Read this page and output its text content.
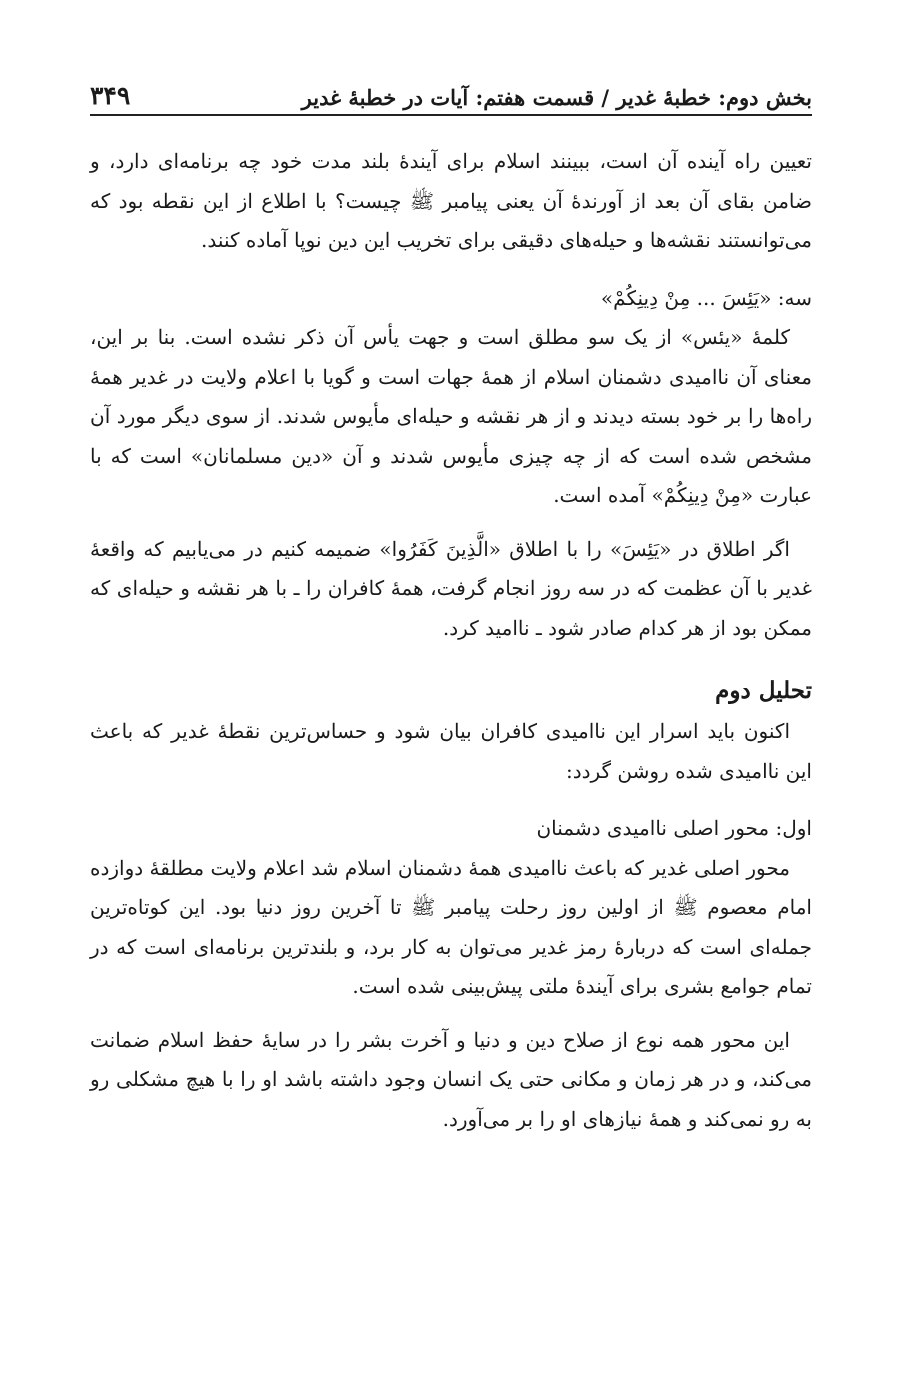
بخش دوم: خطبۀ غدیر / قسمت هفتم: آیات در خطبۀ غدیر
۳۴۹

تعیین راه آینده آن است، ببینند اسلام برای آیندۀ بلند مدت خود چه برنامه‌ای دارد، و ضامن بقای آن بعد از آورندۀ آن یعنی پیامبر ﷺ چیست؟ با اطلاع از این نقطه بود که می‌توانستند نقشه‌ها و حیله‌های دقیقی برای تخریب این دین نوپا آماده کنند.

سه: «یَئِسَ ... مِنْ دِینِكُمْ»

کلمۀ «یئس» از یک سو مطلق است و جهت یأس آن ذکر نشده است. بنا بر این، معنای آن ناامیدی دشمنان اسلام از همۀ جهات است و گویا با اعلام ولایت در غدیر همۀ راه‌ها را بر خود بسته دیدند و از هر نقشه و حیله‌ای مأیوس شدند. از سوی دیگر مورد آن مشخص شده است که از چه چیزی مأیوس شدند و آن «دین مسلمانان» است که با عبارت «مِنْ دِینِكُمْ» آمده است.

اگر اطلاق در «یَئِسَ» را با اطلاق «الَّذِینَ كَفَرُوا» ضمیمه کنیم در می‌یابیم که واقعۀ غدیر با آن عظمت که در سه روز انجام گرفت، همۀ کافران را ـ با هر نقشه و حیله‌ای که ممکن بود از هر کدام صادر شود ـ ناامید کرد.

تحلیل دوم

اکنون باید اسرار این ناامیدی کافران بیان شود و حساس‌ترین نقطۀ غدیر که باعث این ناامیدی شده روشن گردد:

اول: محور اصلی ناامیدی دشمنان

محور اصلی غدیر که باعث ناامیدی همۀ دشمنان اسلام شد اعلام ولایت مطلقۀ دوازده امام معصوم ﷺ از اولین روز رحلت پیامبر ﷺ تا آخرین روز دنیا بود. این کوتاه‌ترین جمله‌ای است که دربارۀ رمز غدیر می‌توان به کار برد، و بلندترین برنامه‌ای است که در تمام جوامع بشری برای آیندۀ ملتی پیش‌بینی شده است.

این محور همه نوع از صلاح دین و دنیا و آخرت بشر را در سایۀ حفظ اسلام ضمانت می‌کند، و در هر زمان و مکانی حتی یک انسان وجود داشته باشد او را با هیچ مشکلی رو به رو نمی‌کند و همۀ نیازهای او را بر می‌آورد.
